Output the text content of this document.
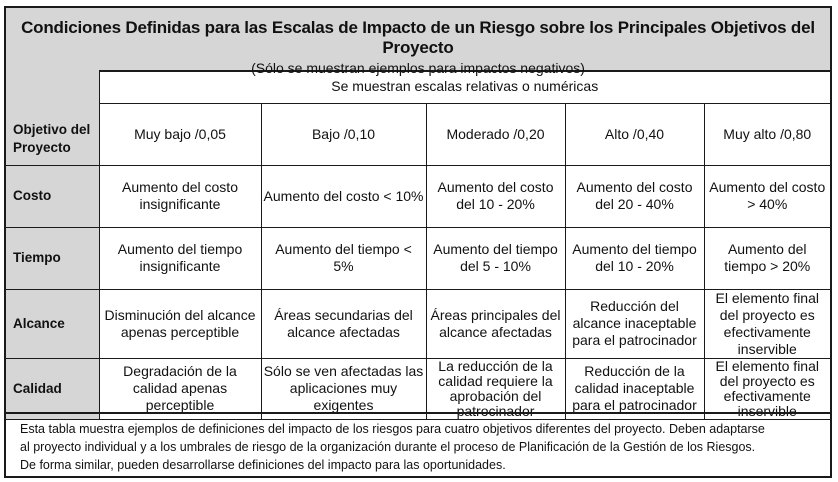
Condiciones Definidas para las Escalas de Impacto de un Riesgo sobre los Principales Objetivos del Proyecto
(Sólo se muestran ejemplos para impactos negativos)
Objetivo del Proyecto	Se muestran escalas relativas o numéricas				
	Muy bajo /0,05	Bajo /0,10	Moderado /0,20	Alto /0,40	Muy alto /0,80
Costo	Aumento del costo insignificante	Aumento del costo < 10%	Aumento del costo del 10 - 20%	Aumento del costo del 20 - 40%	Aumento del costo > 40%
Tiempo	Aumento del tiempo insignificante	Aumento del tiempo < 5%	Aumento del tiempo del 5 - 10%	Aumento del tiempo del 10 - 20%	Aumento del tiempo > 20%
Alcance	Disminución del alcance apenas perceptible	Áreas secundarias del alcance afectadas	Áreas principales del alcance afectadas	Reducción del alcance inaceptable para el patrocinador	El elemento final del proyecto es efectivamente inservible
Calidad	Degradación de la calidad apenas perceptible	Sólo se ven afectadas las aplicaciones muy exigentes	La reducción de la calidad requiere la aprobación del patrocinador	Reducción de la calidad inaceptable para el patrocinador	El elemento final del proyecto es efectivamente inservible
Esta tabla muestra ejemplos de definiciones del impacto de los riesgos para cuatro objetivos diferentes del proyecto. Deben adaptarse
al proyecto individual y a los umbrales de riesgo de la organización durante el proceso de Planificación de la Gestión de los Riesgos.
De forma similar, pueden desarrollarse definiciones del impacto para las oportunidades.
